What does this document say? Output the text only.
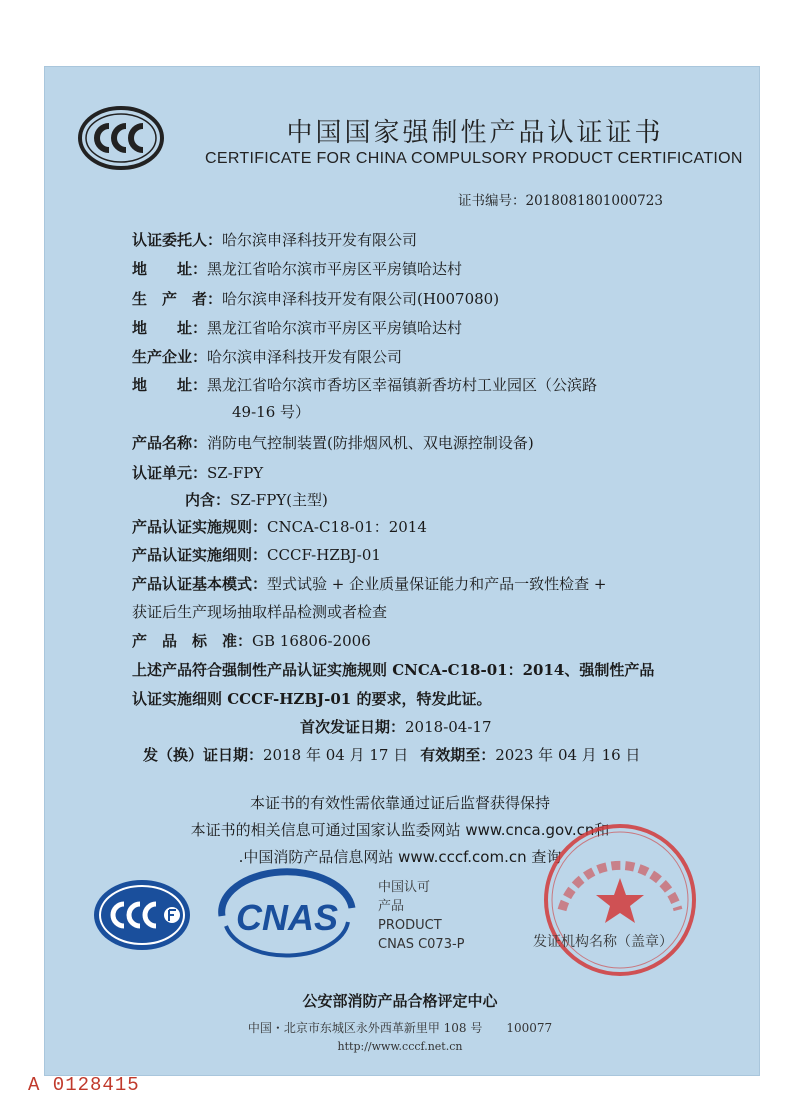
中国国家强制性产品认证证书
CERTIFICATE FOR CHINA COMPULSORY PRODUCT CERTIFICATION
证书编号：2018081801000723
认证委托人：哈尔滨申泽科技开发有限公司
地　　址：黑龙江省哈尔滨市平房区平房镇哈达村
生　产　者：哈尔滨申泽科技开发有限公司(H007080)
地　　址：黑龙江省哈尔滨市平房区平房镇哈达村
生产企业：哈尔滨申泽科技开发有限公司
地　　址：黑龙江省哈尔滨市香坊区幸福镇新香坊村工业园区（公滨路
49-16 号）
产品名称：消防电气控制装置(防排烟风机、双电源控制设备)
认证单元：SZ-FPY
内含：SZ-FPY(主型)
产品认证实施规则：CNCA-C18-01：2014
产品认证实施细则：CCCF-HZBJ-01
产品认证基本模式：型式试验 + 企业质量保证能力和产品一致性检查 +
获证后生产现场抽取样品检测或者检查
产　品　标　准：GB 16806-2006
上述产品符合强制性产品认证实施规则 CNCA-C18-01：2014、强制性产品
认证实施细则 CCCF-HZBJ-01 的要求，特发此证。
首次发证日期：2018-04-17
发（换）证日期：2018 年 04 月 17 日 有效期至：2023 年 04 月 16 日
本证书的有效性需依靠通过证后监督获得保持
本证书的相关信息可通过国家认监委网站 www.cnca.gov.cn和
.中国消防产品信息网站 www.cccf.com.cn 查询
CNAS
中国认可
产品
PRODUCT
CNAS C073-P	发证机构名称（盖章）
公安部消防产品合格评定中心
中国・北京市东城区永外西革新里甲 108 号　　100077
http://www.cccf.net.cn
A 0128415
